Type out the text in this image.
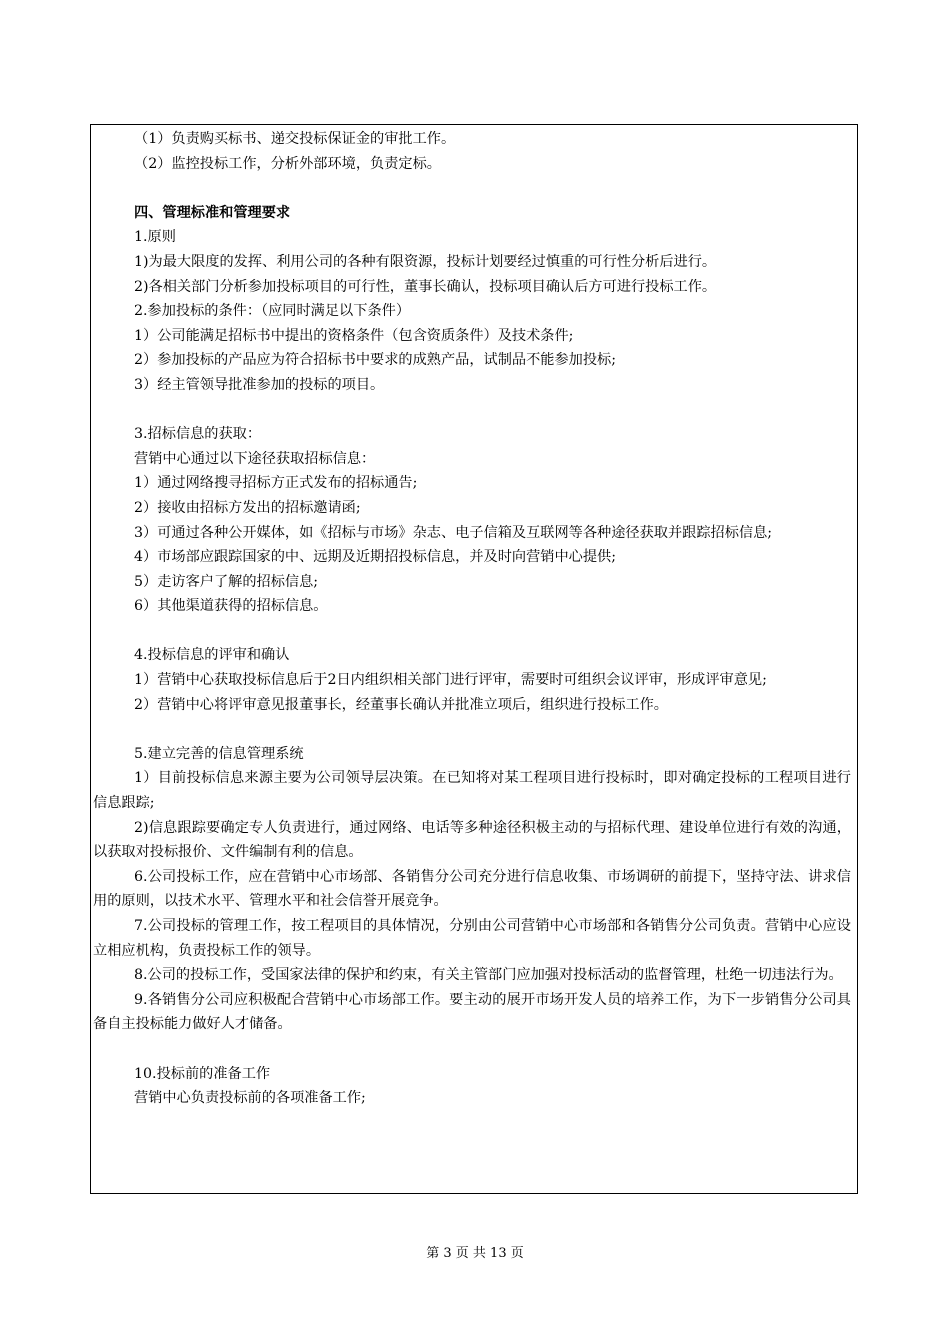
（1）负责购买标书、递交投标保证金的审批工作。

（2）监控投标工作，分析外部环境，负责定标。

四、管理标准和管理要求

1.原则

1)为最大限度的发挥、利用公司的各种有限资源，投标计划要经过慎重的可行性分析后进行。

2)各相关部门分析参加投标项目的可行性，董事长确认，投标项目确认后方可进行投标工作。

2.参加投标的条件：（应同时满足以下条件）

1）公司能满足招标书中提出的资格条件（包含资质条件）及技术条件;

2）参加投标的产品应为符合招标书中要求的成熟产品，试制品不能参加投标;

3）经主管领导批准参加的投标的项目。

3.招标信息的获取：

营销中心通过以下途径获取招标信息：

1）通过网络搜寻招标方正式发布的招标通告;

2）接收由招标方发出的招标邀请函;

3）可通过各种公开媒体，如《招标与市场》杂志、电子信箱及互联网等各种途径获取并跟踪招标信息;

4）市场部应跟踪国家的中、远期及近期招投标信息，并及时向营销中心提供;

5）走访客户了解的招标信息;

6）其他渠道获得的招标信息。

4.投标信息的评审和确认

1）营销中心获取投标信息后于2日内组织相关部门进行评审，需要时可组织会议评审，形成评审意见;

2）营销中心将评审意见报董事长，经董事长确认并批准立项后，组织进行投标工作。

5.建立完善的信息管理系统

1）目前投标信息来源主要为公司领导层决策。在已知将对某工程项目进行投标时，即对确定投标的工程项目进行信息跟踪;

2)信息跟踪要确定专人负责进行，通过网络、电话等多种途径积极主动的与招标代理、建设单位进行有效的沟通，以获取对投标报价、文件编制有利的信息。

6.公司投标工作，应在营销中心市场部、各销售分公司充分进行信息收集、市场调研的前提下，坚持守法、讲求信用的原则，以技术水平、管理水平和社会信誉开展竞争。

7.公司投标的管理工作，按工程项目的具体情况，分别由公司营销中心市场部和各销售分公司负责。营销中心应设立相应机构，负责投标工作的领导。

8.公司的投标工作，受国家法律的保护和约束，有关主管部门应加强对投标活动的监督管理，杜绝一切违法行为。

9.各销售分公司应积极配合营销中心市场部工作。要主动的展开市场开发人员的培养工作，为下一步销售分公司具备自主投标能力做好人才储备。

10.投标前的准备工作

营销中心负责投标前的各项准备工作;

第 3 页 共 13 页
